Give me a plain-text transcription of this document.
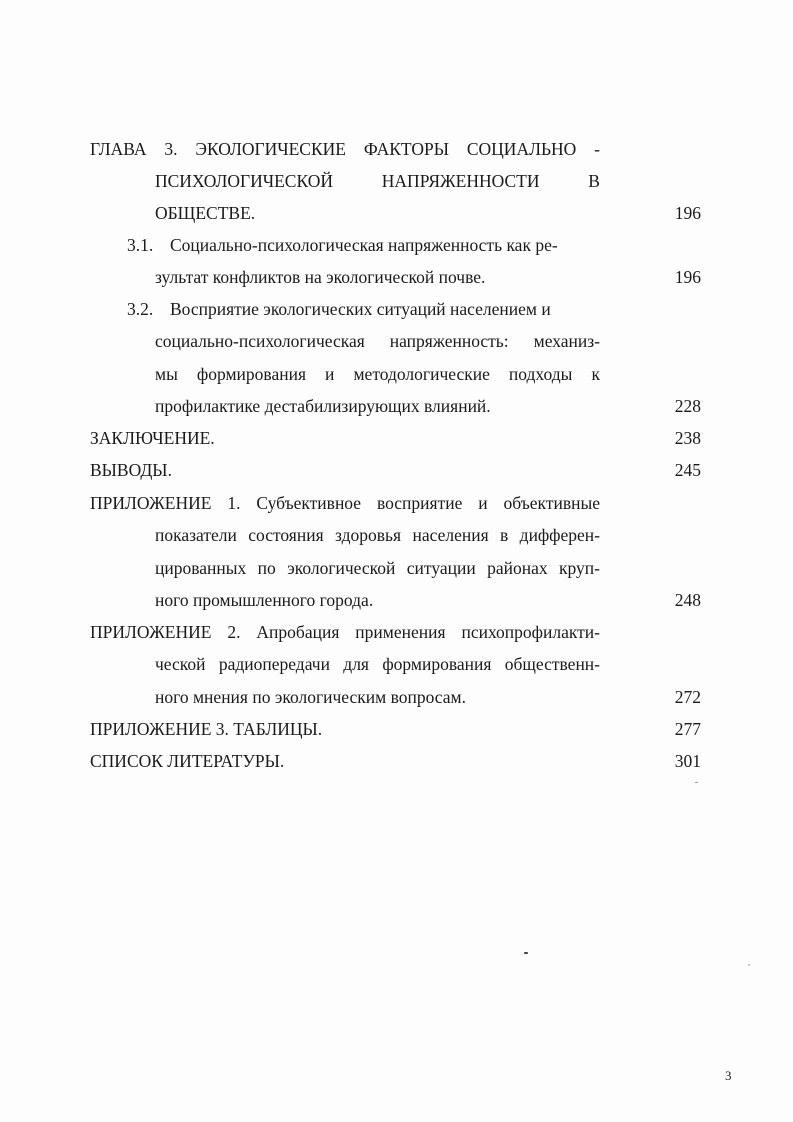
ГЛАВА 3. ЭКОЛОГИЧЕСКИЕ ФАКТОРЫ СОЦИАЛЬНО -
ПСИХОЛОГИЧЕСКОЙ НАПРЯЖЕННОСТИ В
ОБЩЕСТВЕ.	196
3.1. Социально-психологическая напряженность как ре-
зультат конфликтов на экологической почве.	196
3.2. Восприятие экологических ситуаций населением и
социально-психологическая напряженность: механиз-
мы формирования и методологические подходы к
профилактике дестабилизирующих влияний.	228
ЗАКЛЮЧЕНИЕ.	238
ВЫВОДЫ.	245
ПРИЛОЖЕНИЕ 1. Субъективное восприятие и объективные
показатели состояния здоровья населения в дифферен-
цированных по экологической ситуации районах круп-
ного промышленного города.	248
ПРИЛОЖЕНИЕ 2. Апробация применения психопрофилакти-
ческой радиопередачи для формирования общественн-
ного мнения по экологическим вопросам.	272
ПРИЛОЖЕНИЕ 3. ТАБЛИЦЫ.	277
СПИСОК ЛИТЕРАТУРЫ.	301
3
